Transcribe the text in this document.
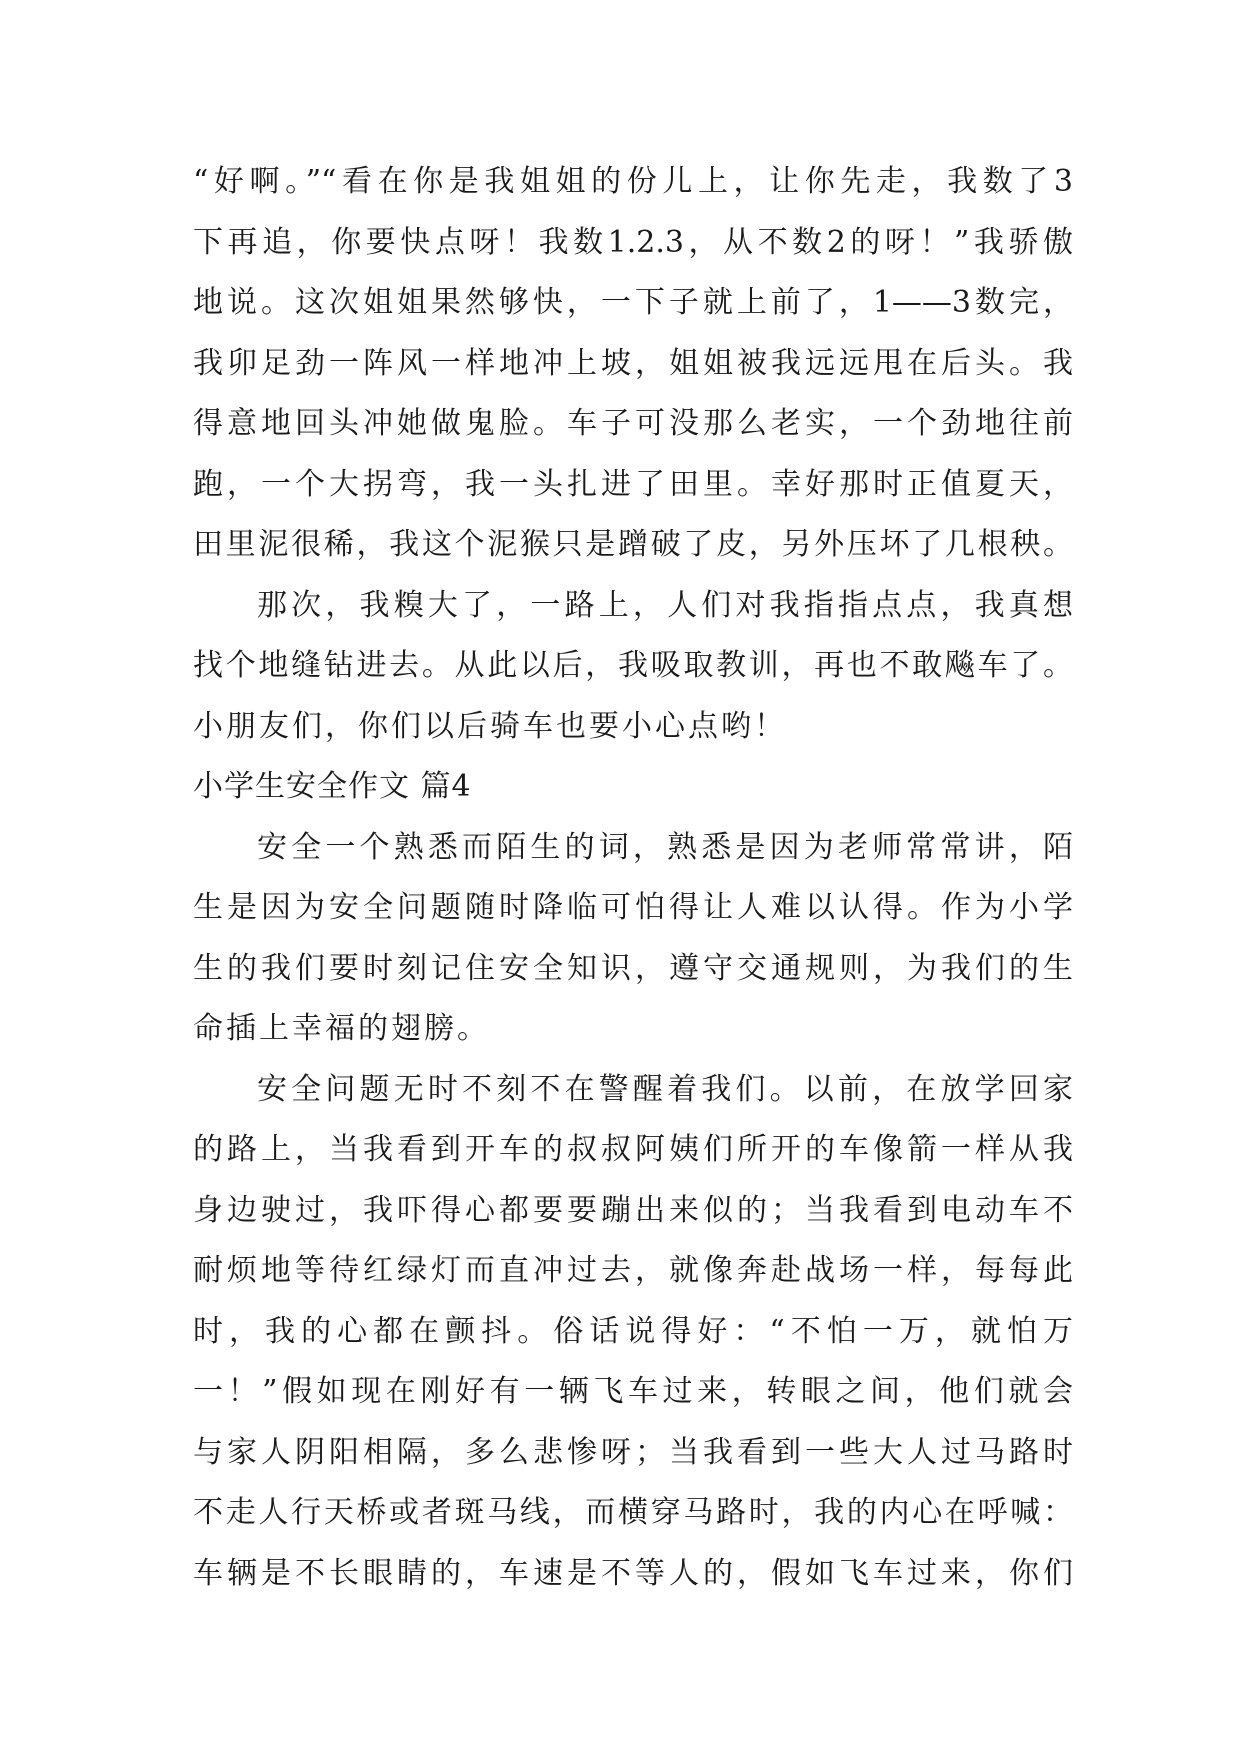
“好啊。”“看在你是我姐姐的份儿上，让你先走，我数了3
下再追，你要快点呀！我数1.2.3，从不数2的呀！”我骄傲
地说。这次姐姐果然够快，一下子就上前了，1——3数完，
我卯足劲一阵风一样地冲上坡，姐姐被我远远甩在后头。我
得意地回头冲她做鬼脸。车子可没那么老实，一个劲地往前
跑，一个大拐弯，我一头扎进了田里。幸好那时正值夏天，
田里泥很稀，我这个泥猴只是蹭破了皮，另外压坏了几根秧。
那次，我糗大了，一路上，人们对我指指点点，我真想
找个地缝钻进去。从此以后，我吸取教训，再也不敢飚车了。
小朋友们，你们以后骑车也要小心点哟！
小学生安全作文 篇4
安全一个熟悉而陌生的词，熟悉是因为老师常常讲，陌
生是因为安全问题随时降临可怕得让人难以认得。作为小学
生的我们要时刻记住安全知识，遵守交通规则，为我们的生
命插上幸福的翅膀。
安全问题无时不刻不在警醒着我们。以前，在放学回家
的路上，当我看到开车的叔叔阿姨们所开的车像箭一样从我
身边驶过，我吓得心都要要蹦出来似的；当我看到电动车不
耐烦地等待红绿灯而直冲过去，就像奔赴战场一样，每每此
时，我的心都在颤抖。俗话说得好：“不怕一万，就怕万
一！”假如现在刚好有一辆飞车过来，转眼之间，他们就会
与家人阴阳相隔，多么悲惨呀；当我看到一些大人过马路时
不走人行天桥或者斑马线，而横穿马路时，我的内心在呼喊：
车辆是不长眼睛的，车速是不等人的，假如飞车过来，你们
